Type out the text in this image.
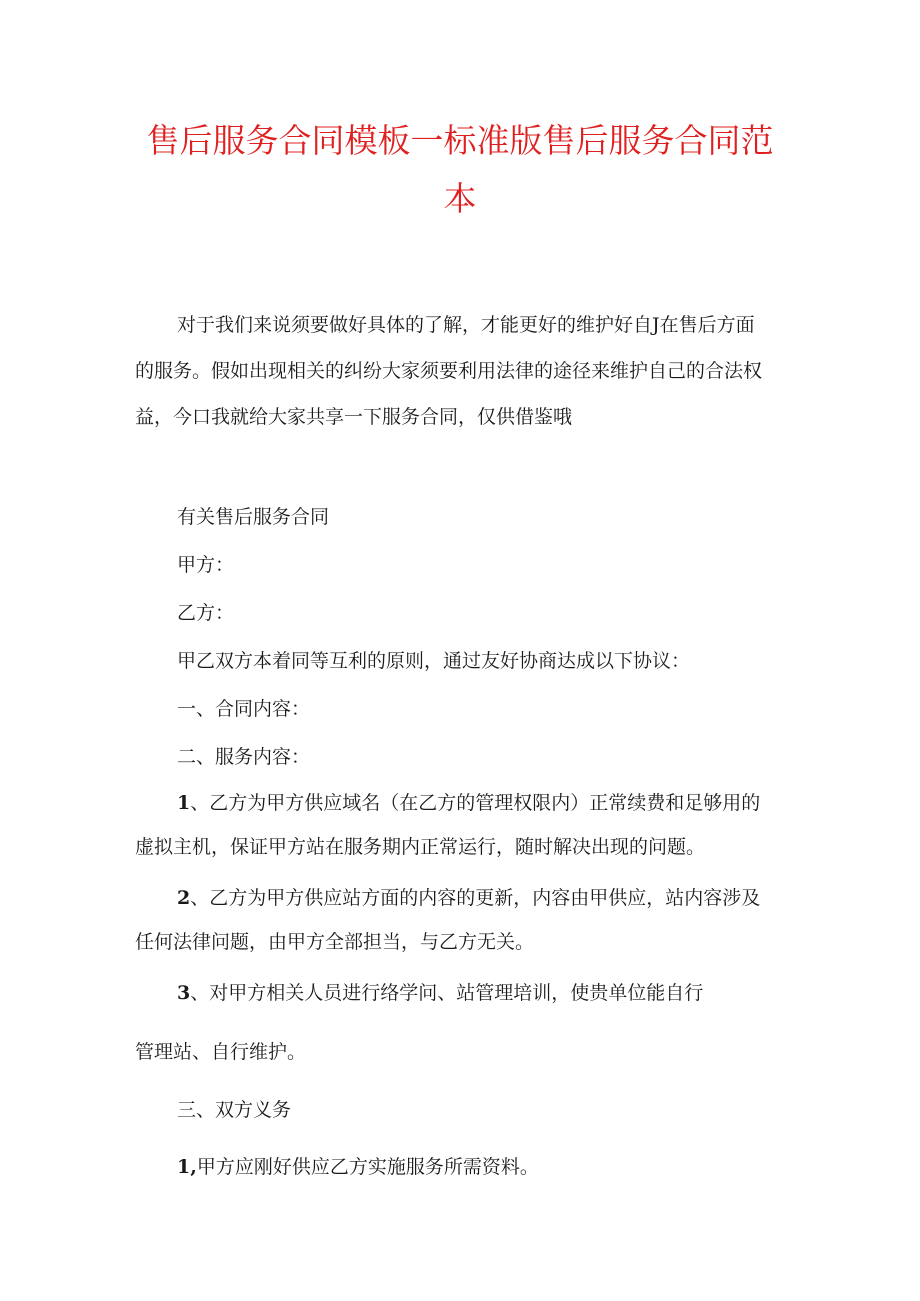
售后服务合同模板一标准版售后服务合同范
本

对于我们来说须要做好具体的了解，才能更好的维护好自J在售后方面
的服务。假如出现相关的纠纷大家须要利用法律的途径来维护自己的合法权
益，今口我就给大家共享一下服务合同，仅供借鉴哦

有关售后服务合同

甲方：

乙方：

甲乙双方本着同等互利的原则，通过友好协商达成以下协议：

一、合同内容：

二、服务内容：

1、乙方为甲方供应域名（在乙方的管理权限内）正常续费和足够用的
虚拟主机，保证甲方站在服务期内正常运行，随时解决出现的问题。

2、乙方为甲方供应站方面的内容的更新，内容由甲供应，站内容涉及
任何法律问题，由甲方全部担当，与乙方无关。

3、对甲方相关人员进行络学问、站管理培训，使贵单位能自行

管理站、自行维护。

三、双方义务

1,甲方应刚好供应乙方实施服务所需资料。
